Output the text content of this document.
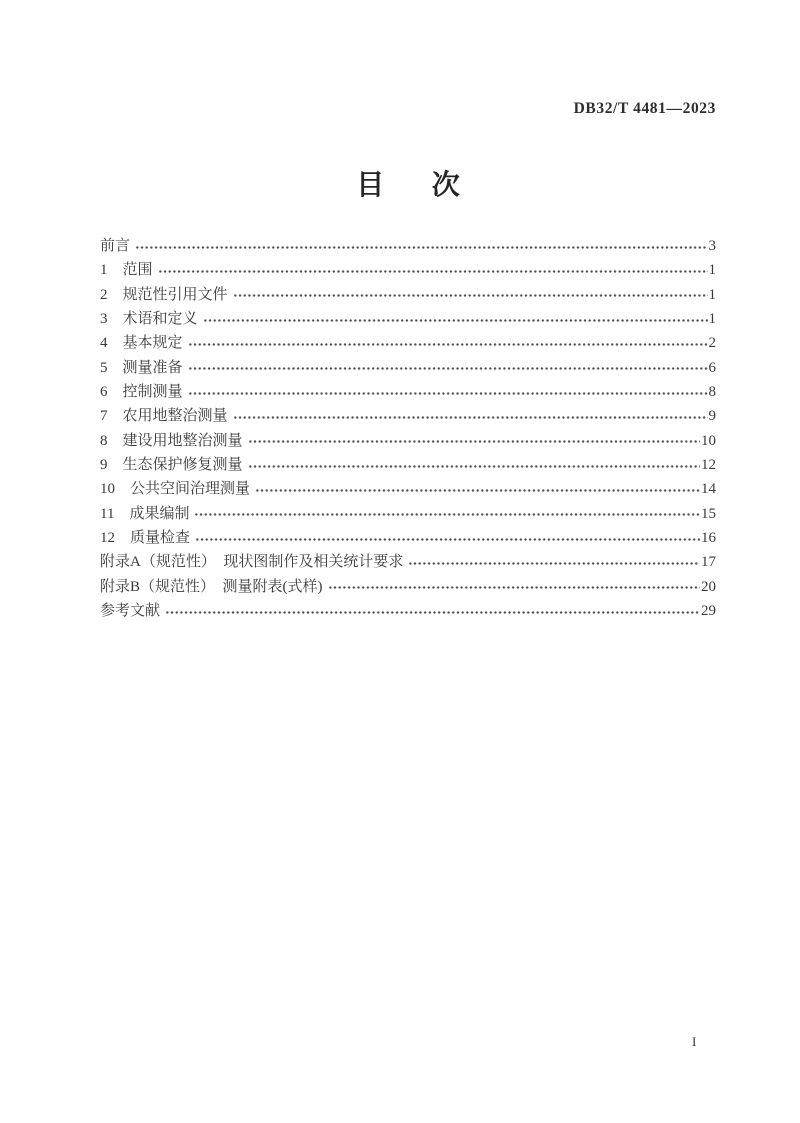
DB32/T 4481—2023
目次
前言	3
1　范围	1
2　规范性引用文件	1
3　术语和定义	1
4　基本规定	2
5　测量准备	6
6　控制测量	8
7　农用地整治测量	9
8　建设用地整治测量	10
9　生态保护修复测量	12
10　公共空间治理测量	14
11　成果编制	15
12　质量检查	16
附录A（规范性）　现状图制作及相关统计要求	17
附录B（规范性）　测量附表(式样)	20
参考文献	29
I
